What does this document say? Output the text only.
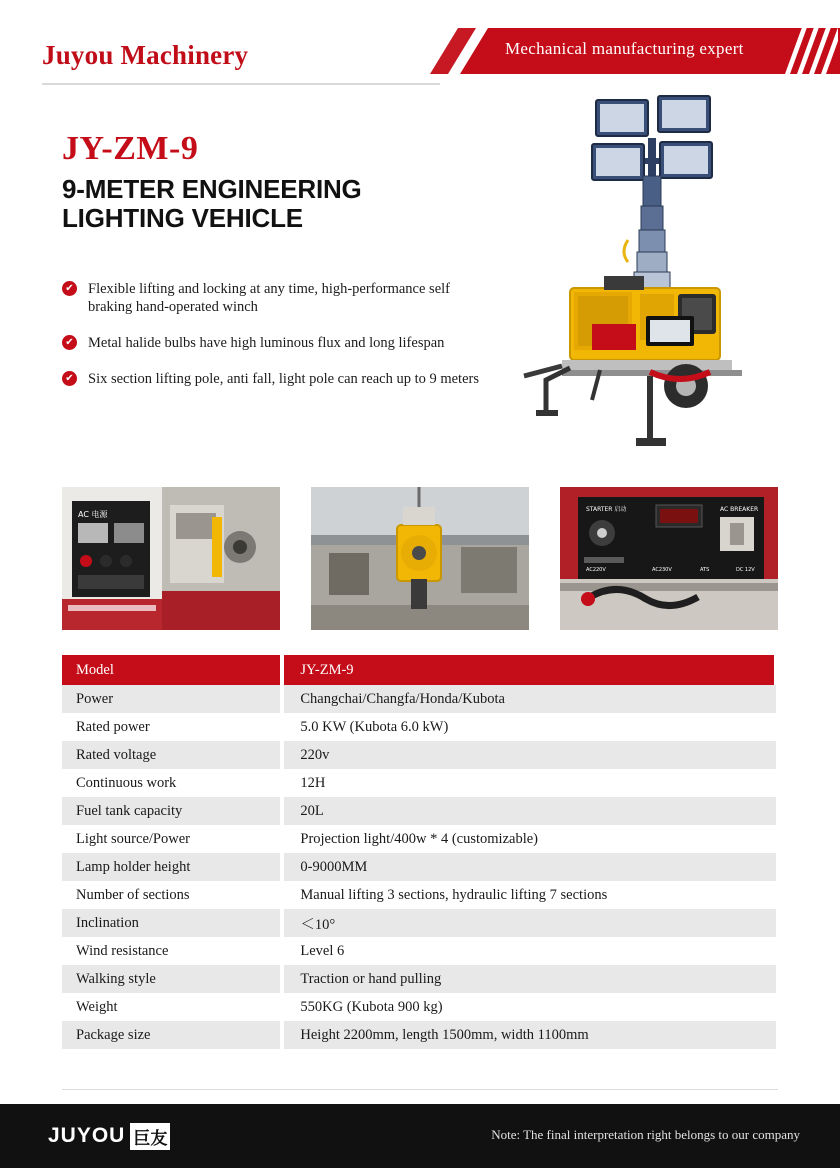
Juyou Machinery	Mechanical manufacturing expert
JY-ZM-9
9-METER ENGINEERING LIGHTING VEHICLE
✔ Flexible lifting and locking at any time, high-performance self braking hand-operated winch
✔ Metal halide bulbs have high luminous flux and long lifespan
✔ Six section lifting pole, anti fall, light pole can reach up to 9 meters
AC 电源
STARTER 启动	AC BREAKER
AC220V	AC230V	ATS	DC 12V
Model	JY-ZM-9
Power	Changchai/Changfa/Honda/Kubota
Rated power	5.0 KW (Kubota 6.0 kW)
Rated voltage	220v
Continuous work	12H
Fuel tank capacity	20L
Light source/Power	Projection light/400w * 4 (customizable)
Lamp holder height	0-9000MM
Number of sections	Manual lifting 3 sections, hydraulic lifting 7 sections
Inclination	＜10°
Wind resistance	Level 6
Walking style	Traction or hand pulling
Weight	550KG (Kubota 900 kg)
Package size	Height 2200mm, length 1500mm, width 1100mm
JUYOU 巨友	Note: The final interpretation right belongs to our company
